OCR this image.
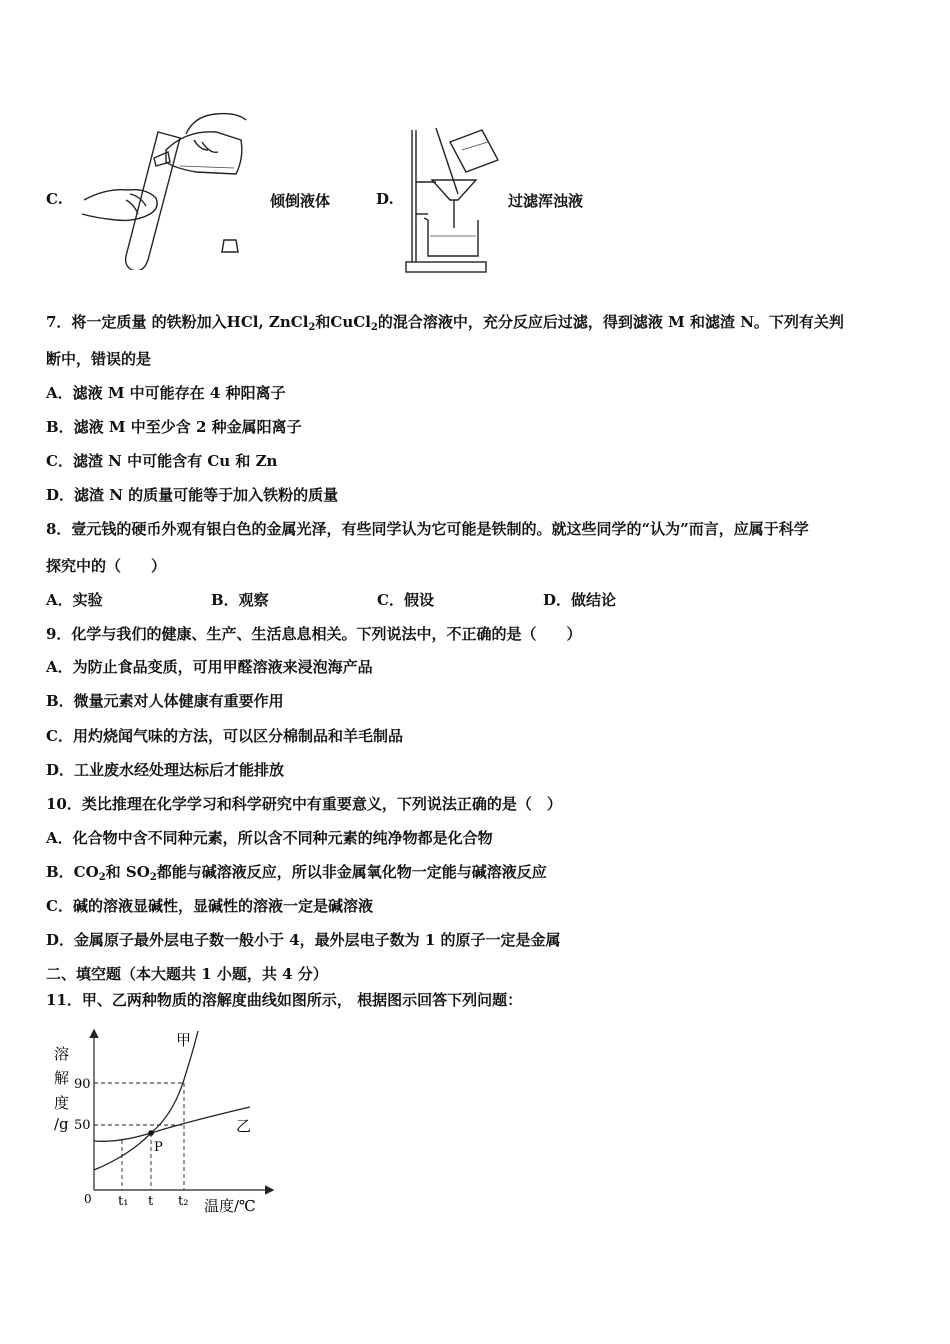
C.	倾倒液体	D.	过滤浑浊液
7．将一定质量 的铁粉加入HCl, ZnCl$_2$和CuCl$_2$的混合溶液中，充分反应后过滤，得到滤液 M 和滤渣 N。下列有关判
断中，错误的是
A．滤液 M 中可能存在 4 种阳离子
B．滤液 M 中至少含 2 种金属阳离子
C．滤渣 N 中可能含有 Cu 和 Zn
D．滤渣 N 的质量可能等于加入铁粉的质量
8．壹元钱的硬币外观有银白色的金属光泽，有些同学认为它可能是铁制的。就这些同学的“认为”而言，应属于科学
探究中的（　　）
A．实验	B．观察	C．假设	D．做结论
9．化学与我们的健康、生产、生活息息相关。下列说法中，不正确的是（　　）
A．为防止食品变质，可用甲醛溶液来浸泡海产品
B．微量元素对人体健康有重要作用
C．用灼烧闻气味的方法，可以区分棉制品和羊毛制品
D．工业废水经处理达标后才能排放
10．类比推理在化学学习和科学研究中有重要意义，下列说法正确的是（　）
A．化合物中含不同种元素，所以含不同种元素的纯净物都是化合物
B．$CO_2$和 $SO_2$都能与碱溶液反应，所以非金属氧化物一定能与碱溶液反应
C．碱的溶液显碱性，显碱性的溶液一定是碱溶液
D．金属原子最外层电子数一般小于 4，最外层电子数为 1 的原子一定是金属
二、填空题（本大题共 1 小题，共 4 分）
11．甲、乙两种物质的溶解度曲线如图所示， 根据图示回答下列问题：
溶
解
度
/g
0
90
50
t₁ t t₂ 温度/℃
P
甲
乙
